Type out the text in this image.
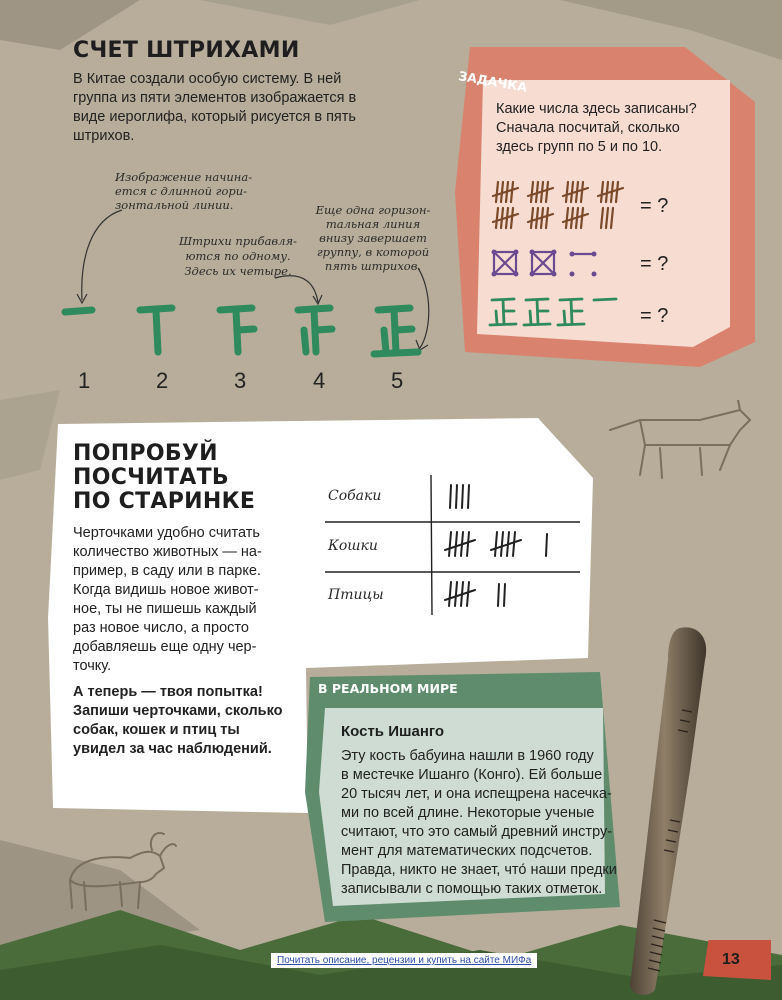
СЧЕТ ШТРИХАМИ
В Китае создали особую систему. В ней группа из пяти элементов изображается в виде иероглифа, который рисуется в пять штрихов.
Изображение начина-
ется с длинной гори-
зонтальной линии.
Штрихи прибавля-
ются по одному.
Здесь их четыре.
Еще одна горизон-
тальная линия
внизу завершает
группу, в которой
пять штрихов.
1	2	3	4	5
ЗАДАЧКА
Какие числа здесь записаны?
Сначала посчитай, сколько
здесь групп по 5 и по 10.
= ?
= ?
= ?
ПОПРОБУЙ
ПОСЧИТАТЬ
ПО СТАРИНКЕ
Черточками удобно считать
количество животных — на-
пример, в саду или в парке.
Когда видишь новое живот-
ное, ты не пишешь каждый
раз новое число, а просто
добавляешь еще одну чер-
точку.
А теперь — твоя попытка!
Запиши черточками, сколько
собак, кошек и птиц ты
увидел за час наблюдений.
Собаки
Кошки
Птицы
В РЕАЛЬНОМ МИРЕ
Кость Ишанго
Эту кость бабуина нашли в 1960 году
в местечке Ишанго (Конго). Ей больше
20 тысяч лет, и она испещрена насечка-
ми по всей длине. Некоторые ученые
считают, что это самый древний инстру-
мент для математических подсчетов.
Правда, никто не знает, что́ наши предки
записывали с помощью таких отметок.
Почитать описание, рецензии и купить на сайте МИФа	13
